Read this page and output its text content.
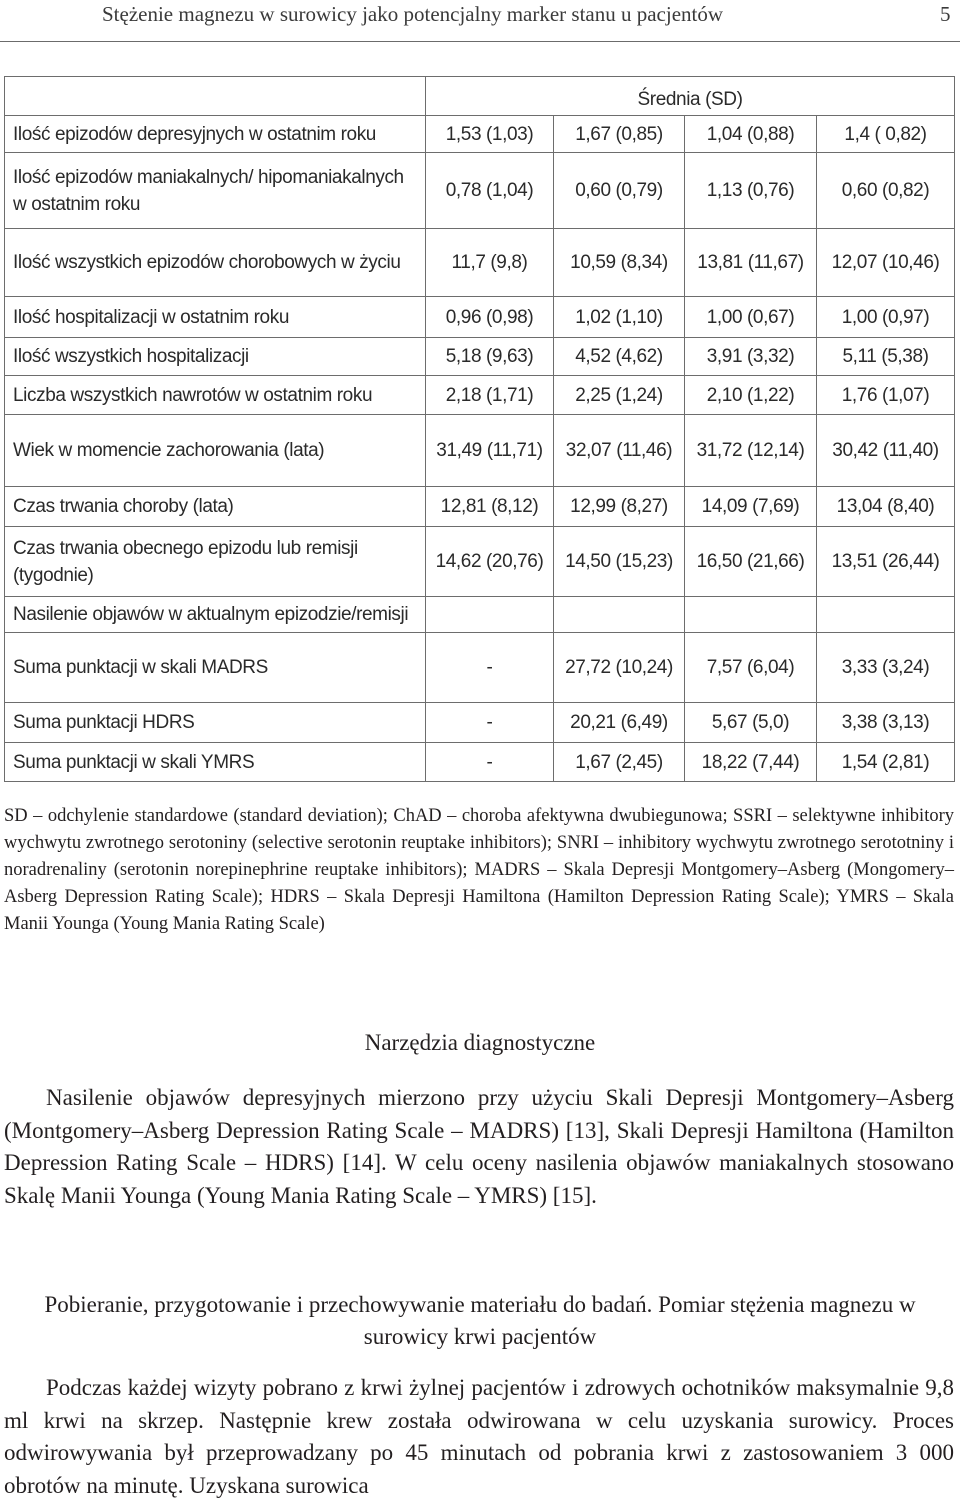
Stężenie magnezu w surowicy jako potencjalny marker stanu u pacjentów	5
	Średnia (SD)			
Ilość epizodów depresyjnych w ostatnim roku	1,53 (1,03)	1,67 (0,85)	1,04 (0,88)	1,4 ( 0,82)
Ilość epizodów maniakalnych/ hipomaniakalnych w ostatnim roku	0,78 (1,04)	0,60 (0,79)	1,13 (0,76)	0,60 (0,82)
Ilość wszystkich epizodów chorobowych w życiu	11,7 (9,8)	10,59 (8,34)	13,81 (11,67)	12,07 (10,46)
Ilość hospitalizacji w ostatnim roku	0,96 (0,98)	1,02 (1,10)	1,00 (0,67)	1,00 (0,97)
Ilość wszystkich hospitalizacji	5,18 (9,63)	4,52 (4,62)	3,91 (3,32)	5,11 (5,38)
Liczba wszystkich nawrotów w ostatnim roku	2,18 (1,71)	2,25 (1,24)	2,10 (1,22)	1,76 (1,07)
Wiek w momencie zachorowania (lata)	31,49 (11,71)	32,07 (11,46)	31,72 (12,14)	30,42 (11,40)
Czas trwania choroby (lata)	12,81 (8,12)	12,99 (8,27)	14,09 (7,69)	13,04 (8,40)
Czas trwania obecnego epizodu lub remisji (tygodnie)	14,62 (20,76)	14,50 (15,23)	16,50 (21,66)	13,51 (26,44)
Nasilenie objawów w aktualnym epizodzie/remisji				
Suma punktacji w skali MADRS	-	27,72 (10,24)	7,57 (6,04)	3,33 (3,24)
Suma punktacji HDRS	-	20,21 (6,49)	5,67 (5,0)	3,38 (3,13)
Suma punktacji w skali YMRS	-	1,67 (2,45)	18,22 (7,44)	1,54 (2,81)

SD – odchylenie standardowe (standard deviation); ChAD – choroba afektywna dwubiegunowa; SSRI – selektywne inhibitory wychwytu zwrotnego serotoniny (selective serotonin reuptake inhibitors); SNRI – inhibitory wychwytu zwrotnego serototniny i noradrenaliny (serotonin norepinephrine reuptake inhibitors); MADRS – Skala Depresji Montgomery–Asberg (Mongomery–Asberg Depression Rating Scale); HDRS – Skala Depresji Hamiltona (Hamilton Depression Rating Scale); YMRS – Skala Manii Younga (Young Mania Rating Scale)

Narzędzia diagnostyczne

Nasilenie objawów depresyjnych mierzono przy użyciu Skali Depresji Montgomery–Asberg (Montgomery–Asberg Depression Rating Scale – MADRS) [13], Skali Depresji Hamiltona (Hamilton Depression Rating Scale – HDRS) [14]. W celu oceny nasilenia objawów maniakalnych stosowano Skalę Manii Younga (Young Mania Rating Scale – YMRS) [15].

Pobieranie, przygotowanie i przechowywanie materiału do badań. Pomiar stężenia magnezu w surowicy krwi pacjentów

Podczas każdej wizyty pobrano z krwi żylnej pacjentów i zdrowych ochotników maksymalnie 9,8 ml krwi na skrzep. Następnie krew została odwirowana w celu uzyskania surowicy. Proces odwirowywania był przeprowadzany po 45 minutach od pobrania krwi z zastosowaniem 3 000 obrotów na minutę. Uzyskana surowica
